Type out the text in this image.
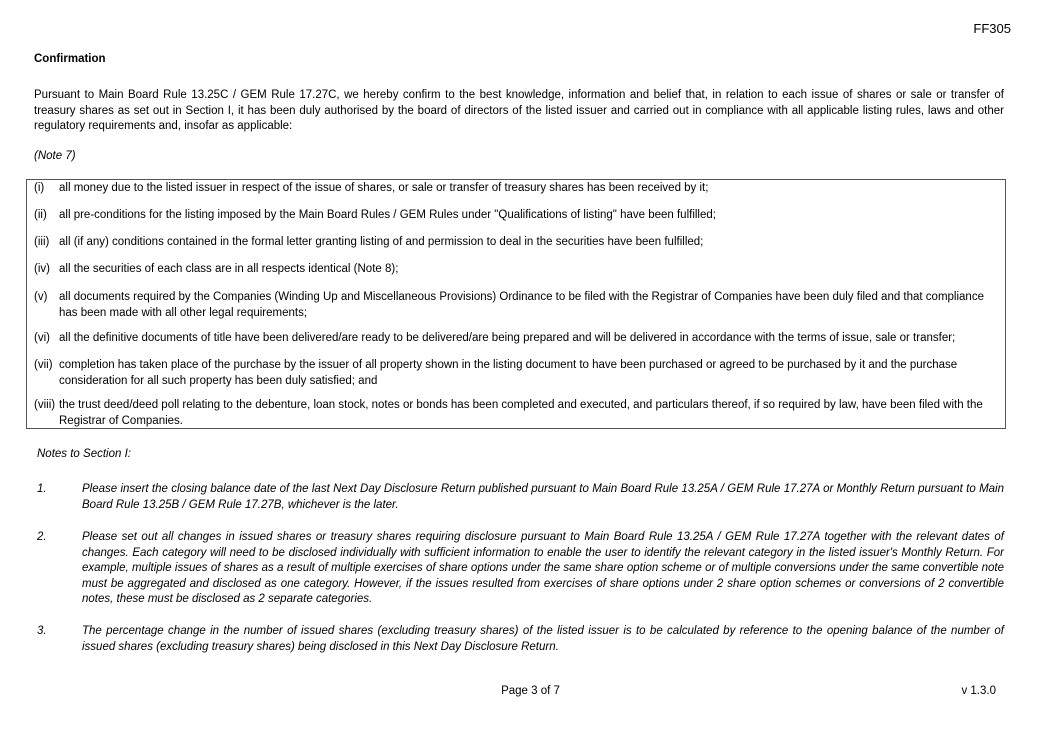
FF305
Confirmation
Pursuant to Main Board Rule 13.25C / GEM Rule 17.27C, we hereby confirm to the best knowledge, information and belief that, in relation to each issue of shares or sale or transfer of treasury shares as set out in Section I, it has been duly authorised by the board of directors of the listed issuer and carried out in compliance with all applicable listing rules, laws and other regulatory requirements and, insofar as applicable:
(Note 7)
(i)	all money due to the listed issuer in respect of the issue of shares, or sale or transfer of treasury shares has been received by it;
(ii)	all pre-conditions for the listing imposed by the Main Board Rules / GEM Rules under "Qualifications of listing" have been fulfilled;
(iii) all (if any) conditions contained in the formal letter granting listing of and permission to deal in the securities have been fulfilled;
(iv) all the securities of each class are in all respects identical (Note 8);
(v)	all documents required by the Companies (Winding Up and Miscellaneous Provisions) Ordinance to be filed with the Registrar of Companies have been duly filed and that compliance has been made with all other legal requirements;
(vi) all the definitive documents of title have been delivered/are ready to be delivered/are being prepared and will be delivered in accordance with the terms of issue, sale or transfer;
(vii) completion has taken place of the purchase by the issuer of all property shown in the listing document to have been purchased or agreed to be purchased by it and the purchase consideration for all such property has been duly satisfied; and
(viii) the trust deed/deed poll relating to the debenture, loan stock, notes or bonds has been completed and executed, and particulars thereof, if so required by law, have been filed with the Registrar of Companies.
Notes to Section I:
1.	Please insert the closing balance date of the last Next Day Disclosure Return published pursuant to Main Board Rule 13.25A / GEM Rule 17.27A or Monthly Return pursuant to Main Board Rule 13.25B / GEM Rule 17.27B, whichever is the later.
2.	Please set out all changes in issued shares or treasury shares requiring disclosure pursuant to Main Board Rule 13.25A / GEM Rule 17.27A together with the relevant dates of changes. Each category will need to be disclosed individually with sufficient information to enable the user to identify the relevant category in the listed issuer's Monthly Return. For example, multiple issues of shares as a result of multiple exercises of share options under the same share option scheme or of multiple conversions under the same convertible note must be aggregated and disclosed as one category. However, if the issues resulted from exercises of share options under 2 share option schemes or conversions of 2 convertible notes, these must be disclosed as 2 separate categories.
3.	The percentage change in the number of issued shares (excluding treasury shares) of the listed issuer is to be calculated by reference to the opening balance of the number of issued shares (excluding treasury shares) being disclosed in this Next Day Disclosure Return.
Page 3 of 7	v 1.3.0
